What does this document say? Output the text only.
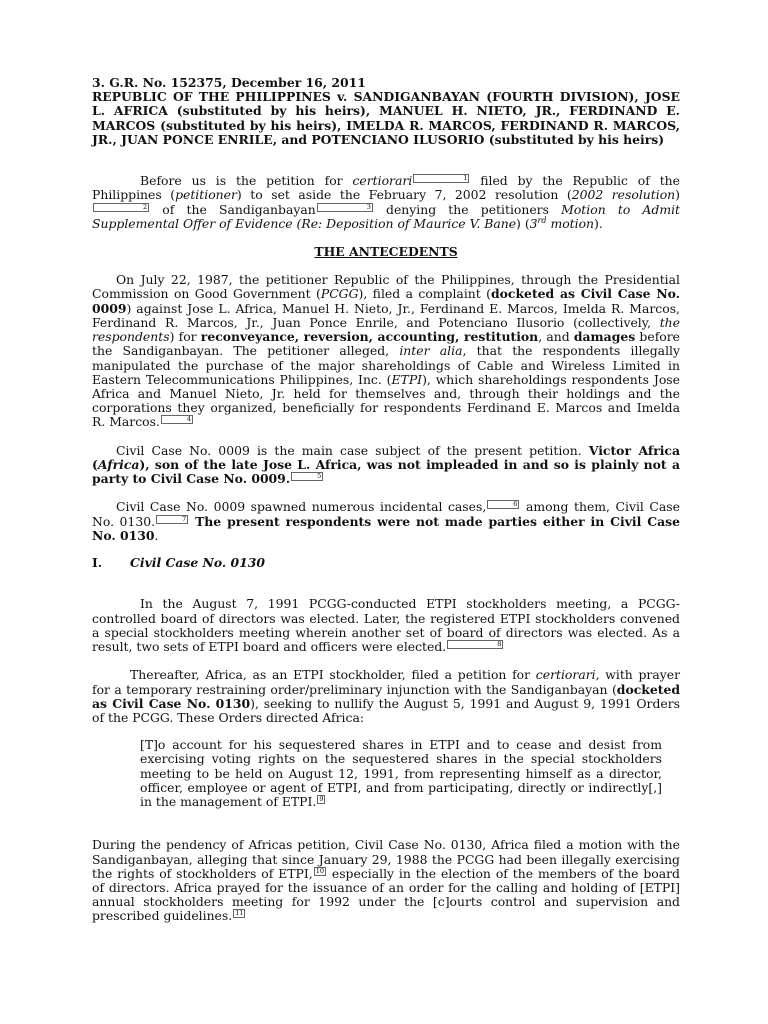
3. G.R. No. 152375, December 16, 2011
REPUBLIC OF THE PHILIPPINES v. SANDIGANBAYAN (FOURTH DIVISION), JOSE L. AFRICA (substituted by his heirs), MANUEL H. NIETO, JR., FERDINAND E. MARCOS (substituted by his heirs), IMELDA R. MARCOS, FERDINAND R. MARCOS, JR., JUAN PONCE ENRILE, and POTENCIANO ILUSORIO (substituted by his heirs)

Before us is the petition for certiorari	1 filed by the Republic of the Philippines (petitioner) to set aside the February 7, 2002 resolution (2002 resolution)2 of the Sandiganbayan	3 denying the petitioners Motion to Admit Supplemental Offer of Evidence (Re: Deposition of Maurice V. Bane) (3rd motion).

THE ANTECEDENTS

On July 22, 1987, the petitioner Republic of the Philippines, through the Presidential Commission on Good Government (PCGG), filed a complaint (docketed as Civil Case No. 0009) against Jose L. Africa, Manuel H. Nieto, Jr., Ferdinand E. Marcos, Imelda R. Marcos, Ferdinand R. Marcos, Jr., Juan Ponce Enrile, and Potenciano Ilusorio (collectively, the respondents) for reconveyance, reversion, accounting, restitution, and damages before the Sandiganbayan. The petitioner alleged, inter alia, that the respondents illegally manipulated the purchase of the major shareholdings of Cable and Wireless Limited in Eastern Telecommunications Philippines, Inc. (ETPI), which shareholdings respondents Jose Africa and Manuel Nieto, Jr. held for themselves and, through their holdings and the corporations they organized, beneficially for respondents Ferdinand E. Marcos and Imelda R. Marcos.	4

Civil Case No. 0009 is the main case subject of the present petition. Victor Africa (Africa), son of the late Jose L. Africa, was not impleaded in and so is plainly not a party to Civil Case No. 0009.	5

Civil Case No. 0009 spawned numerous incidental cases,	6 among them, Civil Case No. 0130.	7 The present respondents were not made parties either in Civil Case No. 0130.

I.	Civil Case No. 0130

In the August 7, 1991 PCGG-conducted ETPI stockholders meeting, a PCGG-controlled board of directors was elected. Later, the registered ETPI stockholders convened a special stockholders meeting wherein another set of board of directors was elected. As a result, two sets of ETPI board and officers were elected.	8

Thereafter, Africa, as an ETPI stockholder, filed a petition for certiorari, with prayer for a temporary restraining order/preliminary injunction with the Sandiganbayan (docketed as Civil Case No. 0130), seeking to nullify the August 5, 1991 and August 9, 1991 Orders of the PCGG. These Orders directed Africa:

[T]o account for his sequestered shares in ETPI and to cease and desist from exercising voting rights on the sequestered shares in the special stockholders meeting to be held on August 12, 1991, from representing himself as a director, officer, employee or agent of ETPI, and from participating, directly or indirectly[,] in the management of ETPI. 9

During the pendency of Africas petition, Civil Case No. 0130, Africa filed a motion with the Sandiganbayan, alleging that since January 29, 1988 the PCGG had been illegally exercising the rights of stockholders of ETPI, 10 especially in the election of the members of the board of directors. Africa prayed for the issuance of an order for the calling and holding of [ETPI] annual stockholders meeting for 1992 under the [c]ourts control and supervision and prescribed guidelines. 11
